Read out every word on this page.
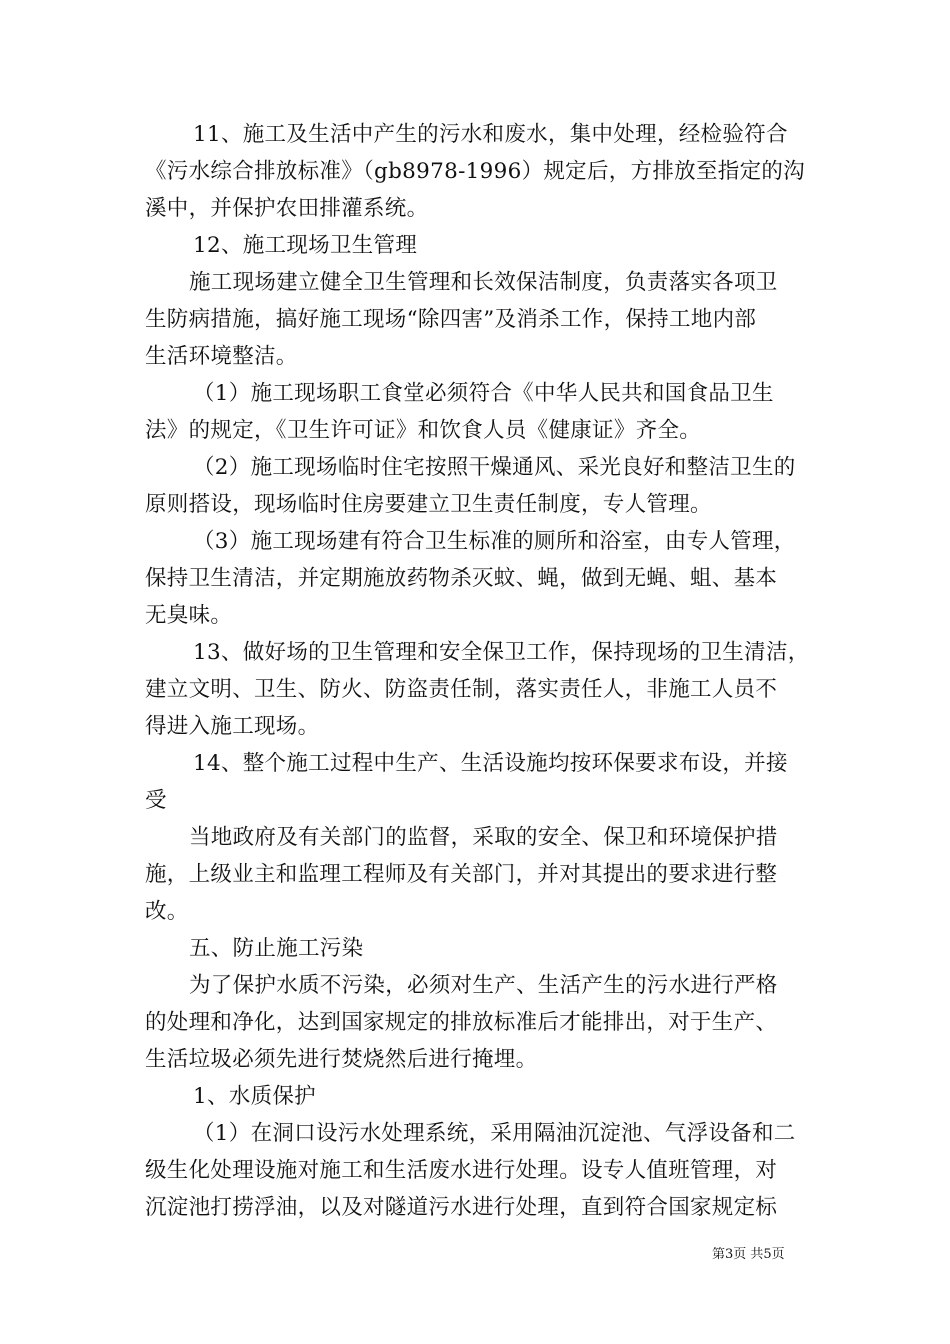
11、施工及生活中产生的污水和废水，集中处理，经检验符合
《污水综合排放标准》（gb8978-1996）规定后，方排放至指定的沟
溪中，并保护农田排灌系统。
12、施工现场卫生管理
施工现场建立健全卫生管理和长效保洁制度，负责落实各项卫
生防病措施，搞好施工现场“除四害”及消杀工作，保持工地内部
生活环境整洁。
（1）施工现场职工食堂必须符合《中华人民共和国食品卫生
法》的规定，《卫生许可证》和饮食人员《健康证》齐全。
（2）施工现场临时住宅按照干燥通风、采光良好和整洁卫生的
原则搭设，现场临时住房要建立卫生责任制度，专人管理。
（3）施工现场建有符合卫生标准的厕所和浴室，由专人管理，
保持卫生清洁，并定期施放药物杀灭蚊、蝇，做到无蝇、蛆、基本
无臭味。
13、做好场的卫生管理和安全保卫工作，保持现场的卫生清洁，
建立文明、卫生、防火、防盗责任制，落实责任人，非施工人员不
得进入施工现场。
14、整个施工过程中生产、生活设施均按环保要求布设，并接
受
当地政府及有关部门的监督，采取的安全、保卫和环境保护措
施，上级业主和监理工程师及有关部门，并对其提出的要求进行整
改。
五、防止施工污染
为了保护水质不污染，必须对生产、生活产生的污水进行严格
的处理和净化，达到国家规定的排放标准后才能排出，对于生产、
生活垃圾必须先进行焚烧然后进行掩埋。
1、水质保护
（1）在洞口设污水处理系统，采用隔油沉淀池、气浮设备和二
级生化处理设施对施工和生活废水进行处理。设专人值班管理，对
沉淀池打捞浮油，以及对隧道污水进行处理，直到符合国家规定标
第3页 共5页
